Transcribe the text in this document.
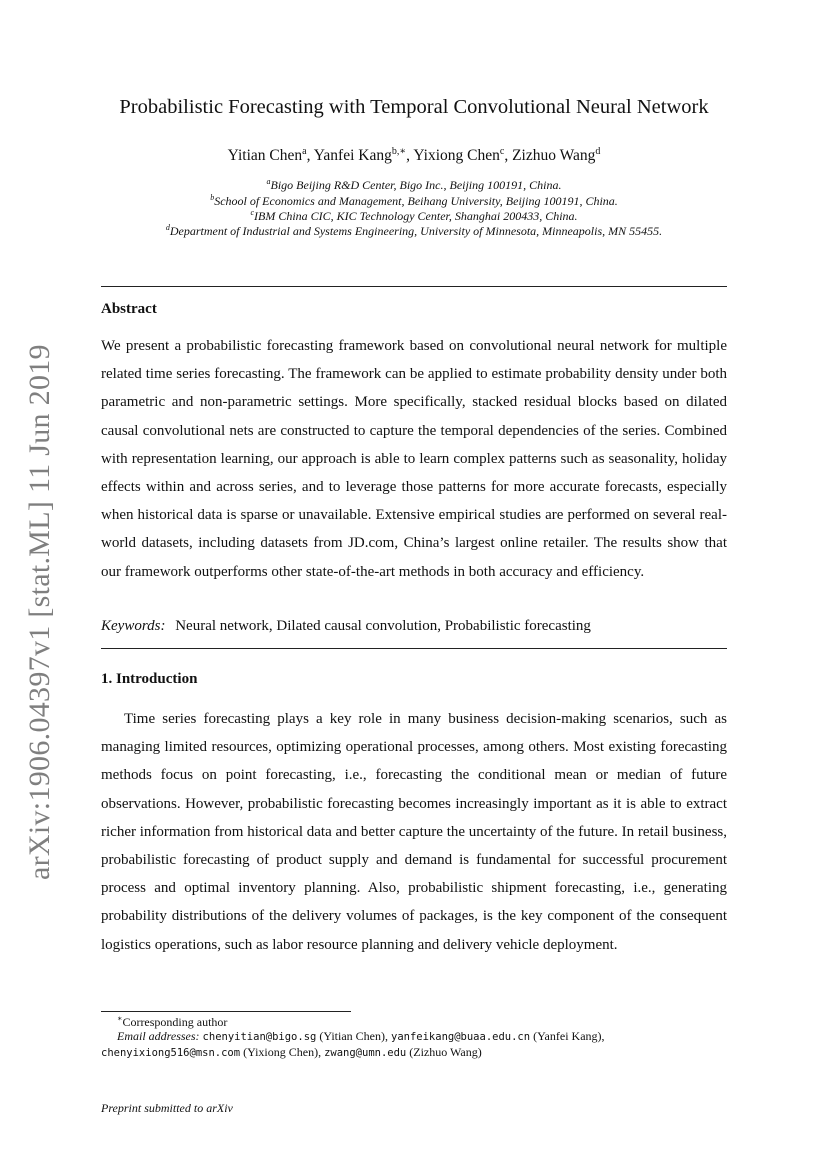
arXiv:1906.04397v1 [stat.ML] 11 Jun 2019
Probabilistic Forecasting with Temporal Convolutional Neural Network
Yitian Chen$^a$, Yanfei Kang$^{b,∗}$, Yixiong Chen$^c$, Zizhuo Wang$^d$
$^a$Bigo Beijing R&D Center, Bigo Inc., Beijing 100191, China.
$^b$School of Economics and Management, Beihang University, Beijing 100191, China.
$^c$IBM China CIC, KIC Technology Center, Shanghai 200433, China.
$^d$Department of Industrial and Systems Engineering, University of Minnesota, Minneapolis, MN 55455.
Abstract
We present a probabilistic forecasting framework based on convolutional neural network for multiple related time series forecasting. The framework can be applied to estimate probability density under both parametric and non-parametric settings. More specifically, stacked residual blocks based on dilated causal convolutional nets are constructed to capture the temporal dependencies of the series. Combined with representation learning, our approach is able to learn complex patterns such as seasonality, holiday effects within and across series, and to leverage those patterns for more accurate forecasts, especially when historical data is sparse or unavailable. Extensive empirical studies are performed on several real-world datasets, including datasets from JD.com, China’s largest online retailer. The results show that our framework outperforms other state-of-the-art methods in both accuracy and efficiency.
Keywords: Neural network, Dilated causal convolution, Probabilistic forecasting
1. Introduction
Time series forecasting plays a key role in many business decision-making scenarios, such as managing limited resources, optimizing operational processes, among others. Most existing forecasting methods focus on point forecasting, i.e., forecasting the conditional mean or median of future observations. However, probabilistic forecasting becomes increasingly important as it is able to extract richer information from historical data and better capture the uncertainty of the future. In retail business, probabilistic forecasting of product supply and demand is fundamental for successful procurement process and optimal inventory planning. Also, probabilistic shipment forecasting, i.e., generating probability distributions of the delivery volumes of packages, is the key component of the consequent logistics operations, such as labor resource planning and delivery vehicle deployment.
∗Corresponding author
Email addresses: chenyitian@bigo.sg (Yitian Chen), yanfeikang@buaa.edu.cn (Yanfei Kang),
chenyixiong516@msn.com (Yixiong Chen), zwang@umn.edu (Zizhuo Wang)
Preprint submitted to arXiv
